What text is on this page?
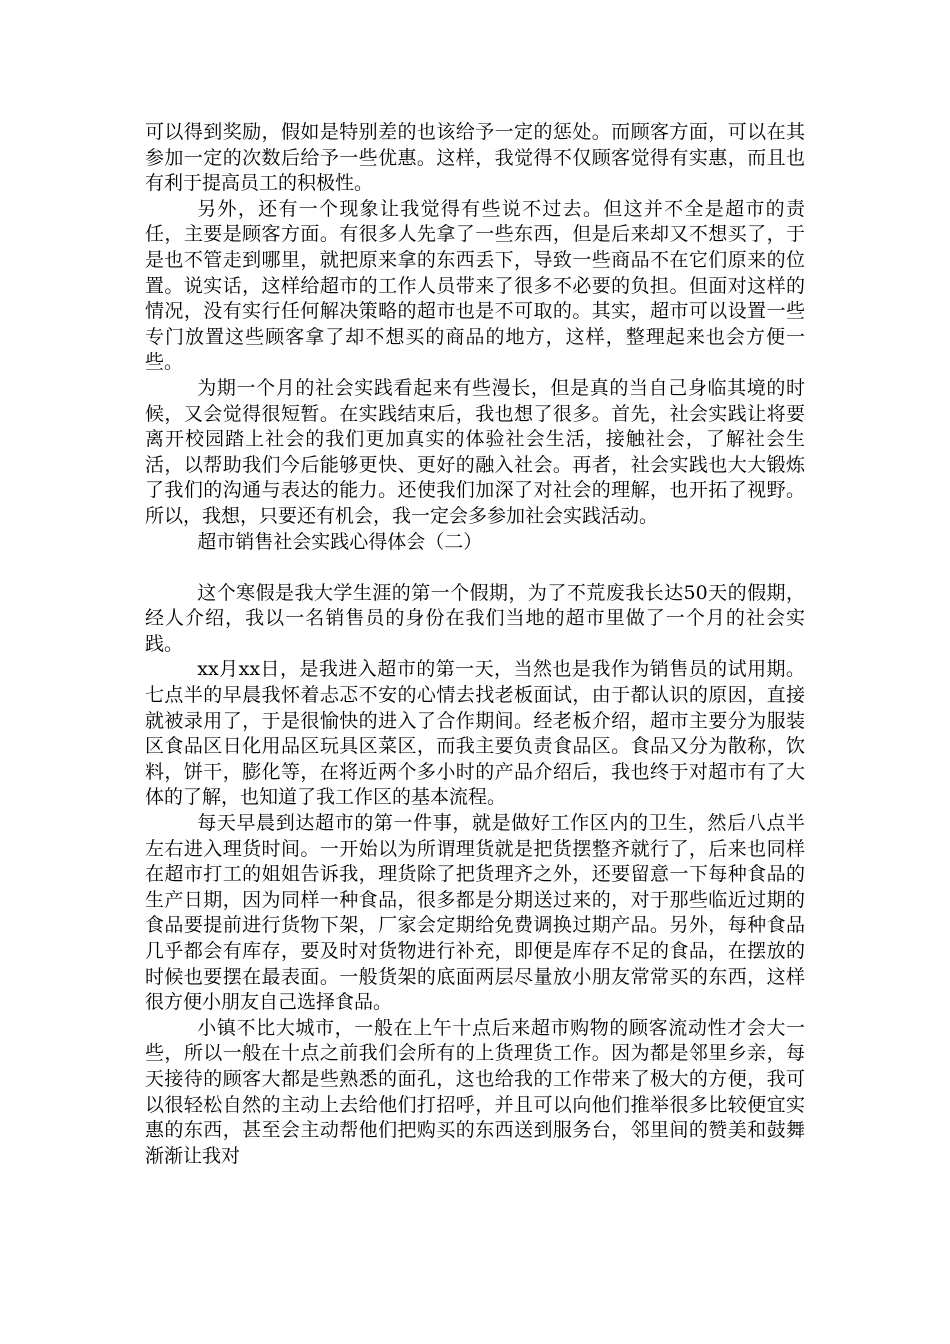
可以得到奖励，假如是特别差的也该给予一定的惩处。而顾客方面，可以在其参加一定的次数后给予一些优惠。这样，我觉得不仅顾客觉得有实惠，而且也有利于提高员工的积极性。

另外，还有一个现象让我觉得有些说不过去。但这并不全是超市的责任，主要是顾客方面。有很多人先拿了一些东西，但是后来却又不想买了，于是也不管走到哪里，就把原来拿的东西丢下，导致一些商品不在它们原来的位置。说实话，这样给超市的工作人员带来了很多不必要的负担。但面对这样的情况，没有实行任何解决策略的超市也是不可取的。其实，超市可以设置一些专门放置这些顾客拿了却不想买的商品的地方，这样，整理起来也会方便一些。

为期一个月的社会实践看起来有些漫长，但是真的当自己身临其境的时候，又会觉得很短暂。在实践结束后，我也想了很多。首先，社会实践让将要离开校园踏上社会的我们更加真实的体验社会生活，接触社会，了解社会生活，以帮助我们今后能够更快、更好的融入社会。再者，社会实践也大大锻炼了我们的沟通与表达的能力。还使我们加深了对社会的理解，也开拓了视野。所以，我想，只要还有机会，我一定会多参加社会实践活动。

超市销售社会实践心得体会（二）

这个寒假是我大学生涯的第一个假期，为了不荒废我长达50天的假期，经人介绍，我以一名销售员的身份在我们当地的超市里做了一个月的社会实践。

xx月xx日，是我进入超市的第一天，当然也是我作为销售员的试用期。七点半的早晨我怀着忐忑不安的心情去找老板面试，由于都认识的原因，直接就被录用了，于是很愉快的进入了合作期间。经老板介绍，超市主要分为服装区食品区日化用品区玩具区菜区，而我主要负责食品区。食品又分为散称，饮料，饼干，膨化等，在将近两个多小时的产品介绍后，我也终于对超市有了大体的了解，也知道了我工作区的基本流程。

每天早晨到达超市的第一件事，就是做好工作区内的卫生，然后八点半左右进入理货时间。一开始以为所谓理货就是把货摆整齐就行了，后来也同样在超市打工的姐姐告诉我，理货除了把货理齐之外，还要留意一下每种食品的生产日期，因为同样一种食品，很多都是分期送过来的，对于那些临近过期的食品要提前进行货物下架，厂家会定期给免费调换过期产品。另外，每种食品几乎都会有库存，要及时对货物进行补充，即便是库存不足的食品，在摆放的时候也要摆在最表面。一般货架的底面两层尽量放小朋友常常买的东西，这样很方便小朋友自己选择食品。

小镇不比大城市，一般在上午十点后来超市购物的顾客流动性才会大一些，所以一般在十点之前我们会所有的上货理货工作。因为都是邻里乡亲，每天接待的顾客大都是些熟悉的面孔，这也给我的工作带来了极大的方便，我可以很轻松自然的主动上去给他们打招呼，并且可以向他们推举很多比较便宜实惠的东西，甚至会主动帮他们把购买的东西送到服务台，邻里间的赞美和鼓舞渐渐让我对
